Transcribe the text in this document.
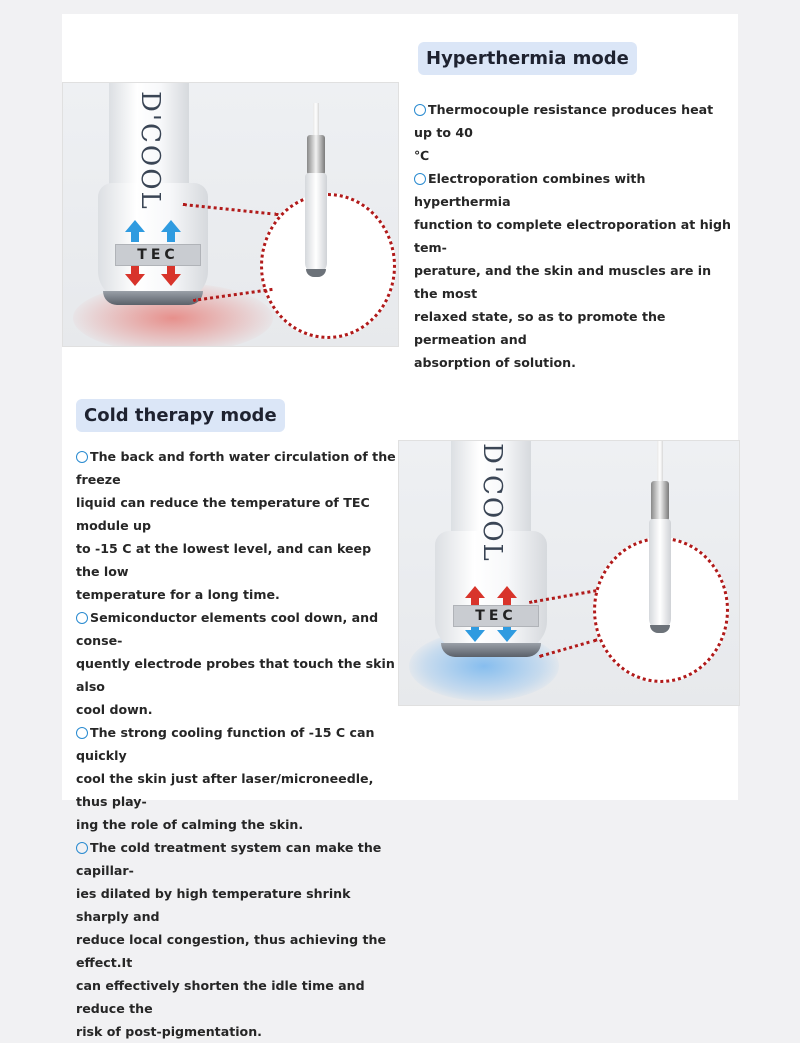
Hyperthermia mode

Thermocouple resistance produces heat up to 40
℃

Electroporation combines with hyperthermia
function to complete electroporation at high tem-
perature, and the skin and muscles are in the most
relaxed state, so as to promote the permeation and
absorption of solution.

D'COOL
TEC
Cold therapy mode

The back and forth water circulation of the freeze
liquid can reduce the temperature of TEC module up
to -15 C at the lowest level, and can keep the low
temperature for a long time.

Semiconductor elements cool down, and conse-
quently electrode probes that touch the skin also
cool down.

The strong cooling function of -15 C can quickly
cool the skin just after laser/microneedle, thus play-
ing the role of calming the skin.

The cold treatment system can make the capillar-
ies dilated by high temperature shrink sharply and
reduce local congestion, thus achieving the effect.It
can effectively shorten the idle time and reduce the
risk of post-pigmentation.

D'COOL
TEC
